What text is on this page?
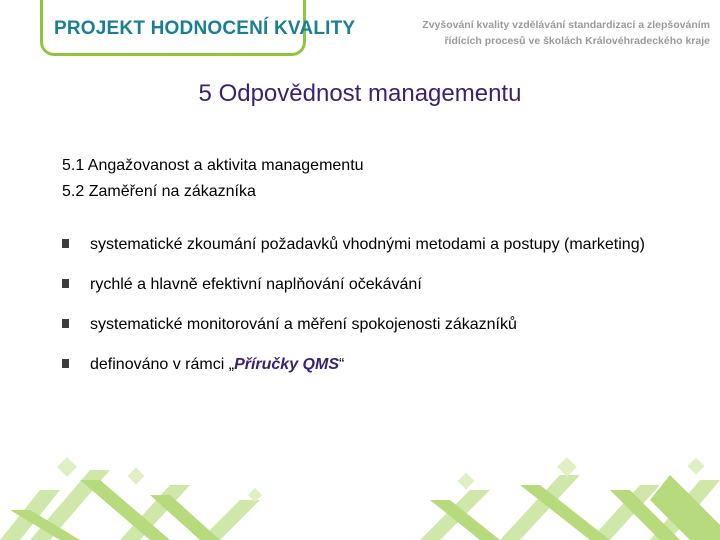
PROJEKT HODNOCENÍ KVALITY	Zvyšování kvality vzdělávání standardizací a zlepšováním
řídících procesů ve školách Královéhradeckého kraje
5 Odpovědnost managementu
5.1 Angažovanost a aktivita managementu
5.2 Zaměření na zákazníka
systematické zkoumání požadavků vhodnými metodami a postupy (marketing)
rychlé a hlavně efektivní naplňování očekávání
systematické monitorování a měření spokojenosti zákazníků
definováno v rámci „Příručky QMS“
